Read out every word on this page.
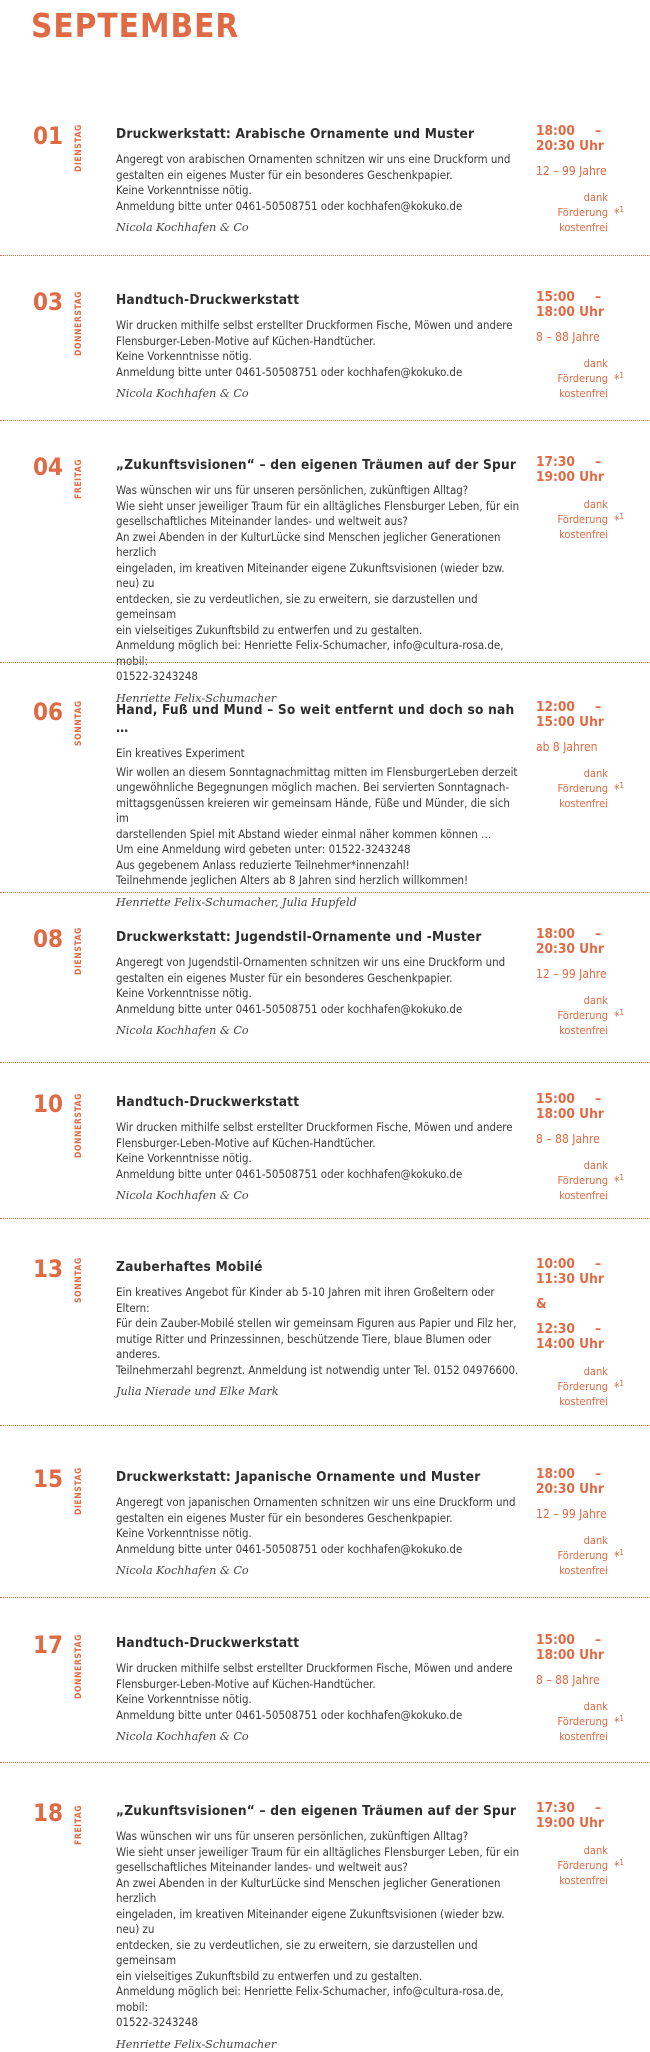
SEPTEMBER
01 DIENSTAG Druckwerkstatt: Arabische Ornamente und Muster
Angeregt von arabischen Ornamenten schnitzen wir uns eine Druckform und
gestalten ein eigenes Muster für ein besonderes Geschenkpapier.
Keine Vorkenntnisse nötig.
Anmeldung bitte unter 0461-50508751 oder kochhafen@kokuko.de
Nicola Kochhafen & Co
18:00 –
20:30 Uhr
12 – 99 Jahre
dank Förderung
kostenfrei
*$^1$
03 DONNERSTAG Handtuch-Druckwerkstatt
Wir drucken mithilfe selbst erstellter Druckformen Fische, Möwen und andere
Flensburger-Leben-Motive auf Küchen-Handtücher.
Keine Vorkenntnisse nötig.
Anmeldung bitte unter 0461-50508751 oder kochhafen@kokuko.de
Nicola Kochhafen & Co
15:00 –
18:00 Uhr
8 – 88 Jahre
dank Förderung
kostenfrei
*$^1$
04 FREITAG „Zukunftsvisionen“ – den eigenen Träumen auf der Spur
Was wünschen wir uns für unseren persönlichen, zukünftigen Alltag?
Wie sieht unser jeweiliger Traum für ein alltägliches Flensburger Leben, für ein
gesellschaftliches Miteinander landes- und weltweit aus?
An zwei Abenden in der KulturLücke sind Menschen jeglicher Generationen herzlich
eingeladen, im kreativen Miteinander eigene Zukunftsvisionen (wieder bzw. neu) zu
entdecken, sie zu verdeutlichen, sie zu erweitern, sie darzustellen und gemeinsam
ein vielseitiges Zukunftsbild zu entwerfen und zu gestalten.
Anmeldung möglich bei: Henriette Felix-Schumacher, info@cultura-rosa.de, mobil:
01522-3243248
Henriette Felix-Schumacher
17:30 –
19:00 Uhr
dank Förderung
kostenfrei
*$^1$
06 SONNTAG Hand, Fuß und Mund – So weit entfernt und doch so nah …
Ein kreatives Experiment
Wir wollen an diesem Sonntagnachmittag mitten im FlensburgerLeben derzeit
ungewöhnliche Begegnungen möglich machen. Bei servierten Sonntagnach-
mittagsgenüssen kreieren wir gemeinsam Hände, Füße und Münder, die sich im
darstellenden Spiel mit Abstand wieder einmal näher kommen können …
Um eine Anmeldung wird gebeten unter: 01522-3243248
Aus gegebenem Anlass reduzierte Teilnehmer*innenzahl!
Teilnehmende jeglichen Alters ab 8 Jahren sind herzlich willkommen!
Henriette Felix-Schumacher, Julia Hupfeld
12:00 –
15:00 Uhr
ab 8 Jahren
dank Förderung
kostenfrei
*$^1$
08 DIENSTAG Druckwerkstatt: Jugendstil-Ornamente und -Muster
Angeregt von Jugendstil-Ornamenten schnitzen wir uns eine Druckform und
gestalten ein eigenes Muster für ein besonderes Geschenkpapier.
Keine Vorkenntnisse nötig.
Anmeldung bitte unter 0461-50508751 oder kochhafen@kokuko.de
Nicola Kochhafen & Co
18:00 –
20:30 Uhr
12 – 99 Jahre
dank Förderung
kostenfrei
*$^1$
10 DONNERSTAG Handtuch-Druckwerkstatt
Wir drucken mithilfe selbst erstellter Druckformen Fische, Möwen und andere
Flensburger-Leben-Motive auf Küchen-Handtücher.
Keine Vorkenntnisse nötig.
Anmeldung bitte unter 0461-50508751 oder kochhafen@kokuko.de
Nicola Kochhafen & Co
15:00 –
18:00 Uhr
8 – 88 Jahre
dank Förderung
kostenfrei
*$^1$
13 SONNTAG Zauberhaftes Mobilé
Ein kreatives Angebot für Kinder ab 5-10 Jahren mit ihren Großeltern oder Eltern:
Für dein Zauber-Mobilé stellen wir gemeinsam Figuren aus Papier und Filz her,
mutige Ritter und Prinzessinnen, beschützende Tiere, blaue Blumen oder anderes.
Teilnehmerzahl begrenzt. Anmeldung ist notwendig unter Tel. 0152 04976600.
Julia Nierade und Elke Mark
10:00 –
11:30 Uhr
&
12:30 –
14:00 Uhr
dank Förderung
kostenfrei
*$^1$
15 DIENSTAG Druckwerkstatt: Japanische Ornamente und Muster
Angeregt von japanischen Ornamenten schnitzen wir uns eine Druckform und
gestalten ein eigenes Muster für ein besonderes Geschenkpapier.
Keine Vorkenntnisse nötig.
Anmeldung bitte unter 0461-50508751 oder kochhafen@kokuko.de
Nicola Kochhafen & Co
18:00 –
20:30 Uhr
12 – 99 Jahre
dank Förderung
kostenfrei
*$^1$
17 DONNERSTAG Handtuch-Druckwerkstatt
Wir drucken mithilfe selbst erstellter Druckformen Fische, Möwen und andere
Flensburger-Leben-Motive auf Küchen-Handtücher.
Keine Vorkenntnisse nötig.
Anmeldung bitte unter 0461-50508751 oder kochhafen@kokuko.de
Nicola Kochhafen & Co
15:00 –
18:00 Uhr
8 – 88 Jahre
dank Förderung
kostenfrei
*$^1$
18 FREITAG „Zukunftsvisionen“ – den eigenen Träumen auf der Spur
Was wünschen wir uns für unseren persönlichen, zukünftigen Alltag?
Wie sieht unser jeweiliger Traum für ein alltägliches Flensburger Leben, für ein
gesellschaftliches Miteinander landes- und weltweit aus?
An zwei Abenden in der KulturLücke sind Menschen jeglicher Generationen herzlich
eingeladen, im kreativen Miteinander eigene Zukunftsvisionen (wieder bzw. neu) zu
entdecken, sie zu verdeutlichen, sie zu erweitern, sie darzustellen und gemeinsam
ein vielseitiges Zukunftsbild zu entwerfen und zu gestalten.
Anmeldung möglich bei: Henriette Felix-Schumacher, info@cultura-rosa.de, mobil:
01522-3243248
Henriette Felix-Schumacher
17:30 –
19:00 Uhr
dank Förderung
kostenfrei
*$^1$
